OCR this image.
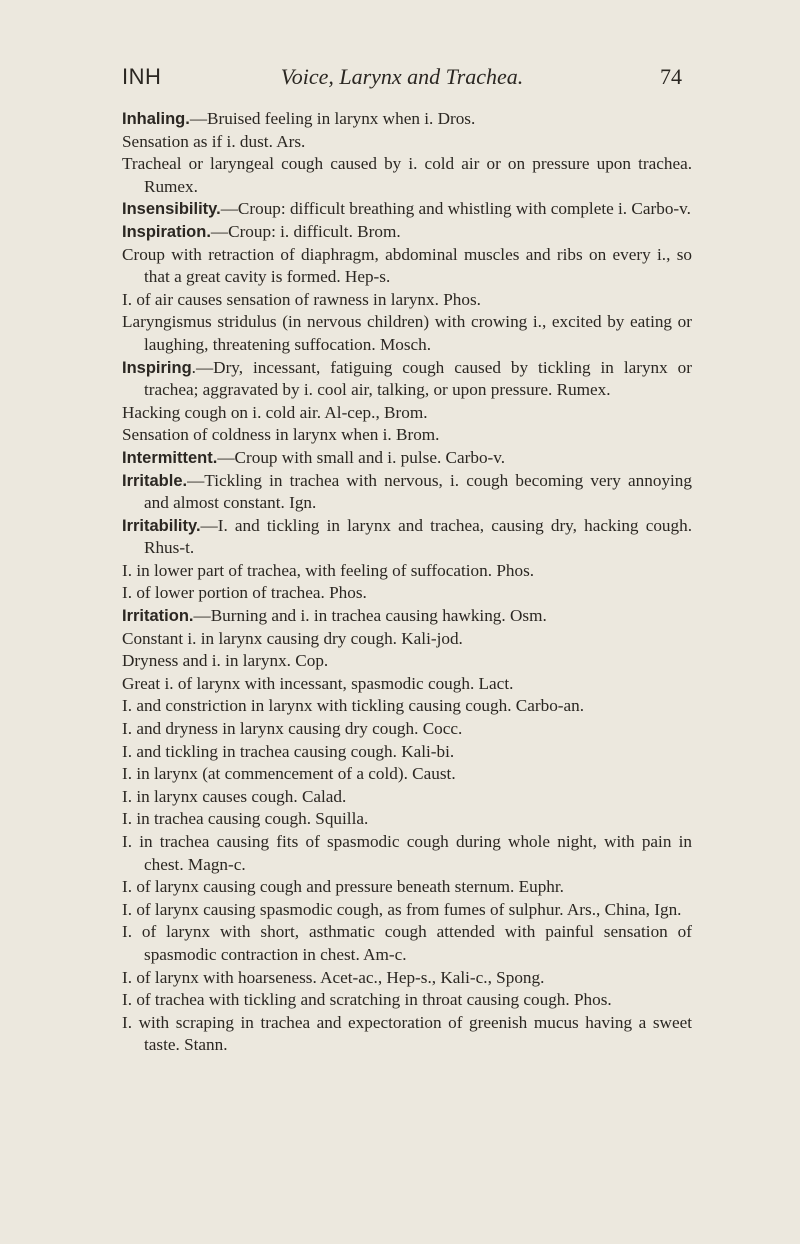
INH	Voice, Larynx and Trachea.	74
Inhaling.—Bruised feeling in larynx when i. Dros.
Sensation as if i. dust. Ars.
Tracheal or laryngeal cough caused by i. cold air or on pressure upon trachea. Rumex.
Insensibility.—Croup: difficult breathing and whistling with complete i. Carbo-v.
Inspiration.—Croup: i. difficult. Brom.
Croup with retraction of diaphragm, abdominal muscles and ribs on every i., so that a great cavity is formed. Hep-s.
I. of air causes sensation of rawness in larynx. Phos.
Laryngismus stridulus (in nervous children) with crowing i., excited by eating or laughing, threatening suffocation. Mosch.
Inspiring.—Dry, incessant, fatiguing cough caused by tickling in larynx or trachea; aggravated by i. cool air, talking, or upon pressure. Rumex.
Hacking cough on i. cold air. Al-cep., Brom.
Sensation of coldness in larynx when i. Brom.
Intermittent.—Croup with small and i. pulse. Carbo-v.
Irritable.—Tickling in trachea with nervous, i. cough becoming very annoying and almost constant. Ign.
Irritability.—I. and tickling in larynx and trachea, causing dry, hacking cough. Rhus-t.
I. in lower part of trachea, with feeling of suffocation. Phos.
I. of lower portion of trachea. Phos.
Irritation.—Burning and i. in trachea causing hawking. Osm.
Constant i. in larynx causing dry cough. Kali-jod.
Dryness and i. in larynx. Cop.
Great i. of larynx with incessant, spasmodic cough. Lact.
I. and constriction in larynx with tickling causing cough. Carbo-an.
I. and dryness in larynx causing dry cough. Cocc.
I. and tickling in trachea causing cough. Kali-bi.
I. in larynx (at commencement of a cold). Caust.
I. in larynx causes cough. Calad.
I. in trachea causing cough. Squilla.
I. in trachea causing fits of spasmodic cough during whole night, with pain in chest. Magn-c.
I. of larynx causing cough and pressure beneath sternum. Euphr.
I. of larynx causing spasmodic cough, as from fumes of sulphur. Ars., China, Ign.
I. of larynx with short, asthmatic cough attended with painful sensation of spasmodic contraction in chest. Am-c.
I. of larynx with hoarseness. Acet-ac., Hep-s., Kali-c., Spong.
I. of trachea with tickling and scratching in throat causing cough. Phos.
I. with scraping in trachea and expectoration of greenish mucus having a sweet taste. Stann.
